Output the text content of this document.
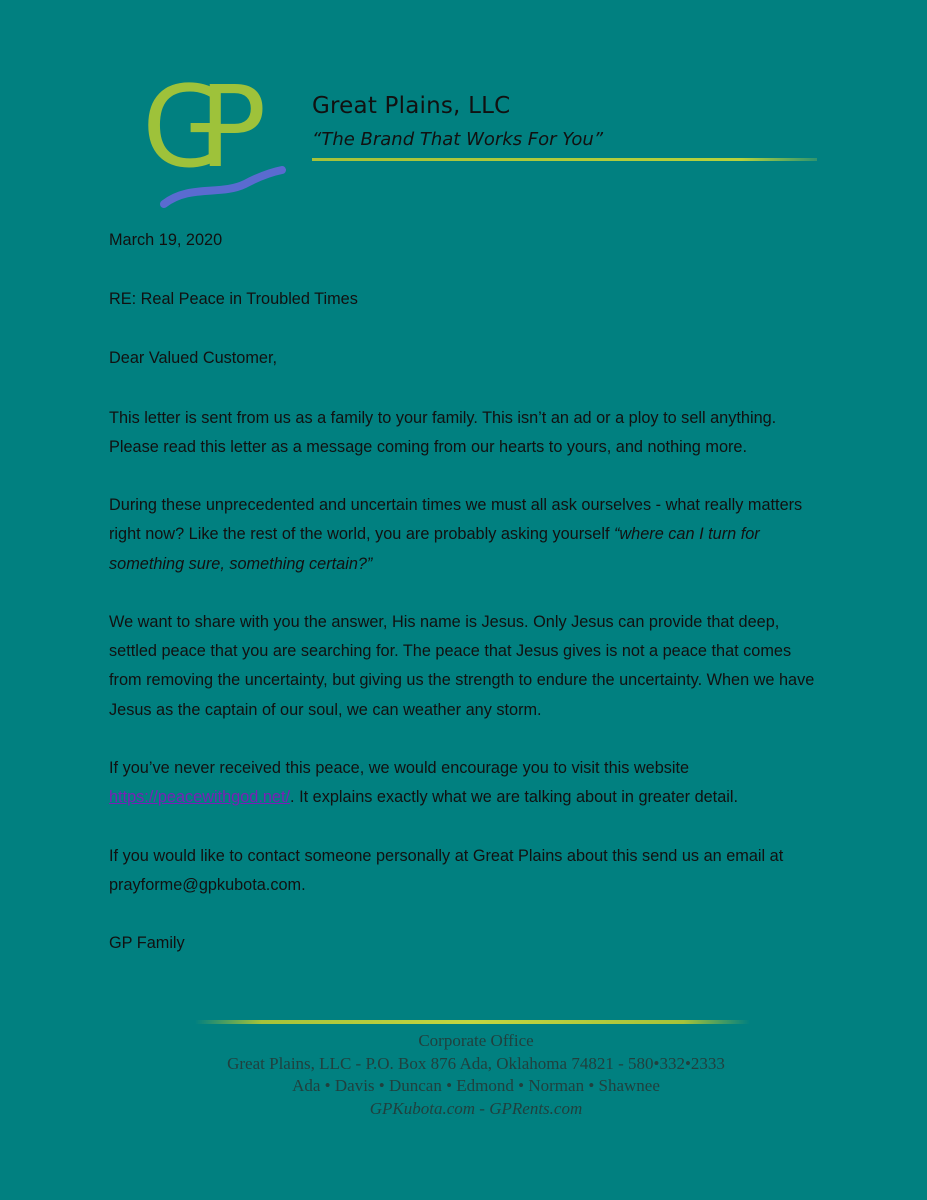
GP	Great Plains, LLC
“The Brand That Works For You”

March 19, 2020

RE: Real Peace in Troubled Times

Dear Valued Customer,

This letter is sent from us as a family to your family. This isn’t an ad or a ploy to sell anything. Please read this letter as a message coming from our hearts to yours, and nothing more.

During these unprecedented and uncertain times we must all ask ourselves - what really matters right now? Like the rest of the world, you are probably asking yourself “where can I turn for something sure, something certain?”

We want to share with you the answer, His name is Jesus. Only Jesus can provide that deep, settled peace that you are searching for. The peace that Jesus gives is not a peace that comes from removing the uncertainty, but giving us the strength to endure the uncertainty. When we have Jesus as the captain of our soul, we can weather any storm.

If you’ve never received this peace, we would encourage you to visit this website https://peacewithgod.net/. It explains exactly what we are talking about in greater detail.

If you would like to contact someone personally at Great Plains about this send us an email at prayforme@gpkubota.com.

GP Family

Corporate Office
Great Plains, LLC - P.O. Box 876 Ada, Oklahoma 74821 - 580•332•2333
Ada • Davis • Duncan • Edmond • Norman • Shawnee
GPKubota.com - GPRents.com
